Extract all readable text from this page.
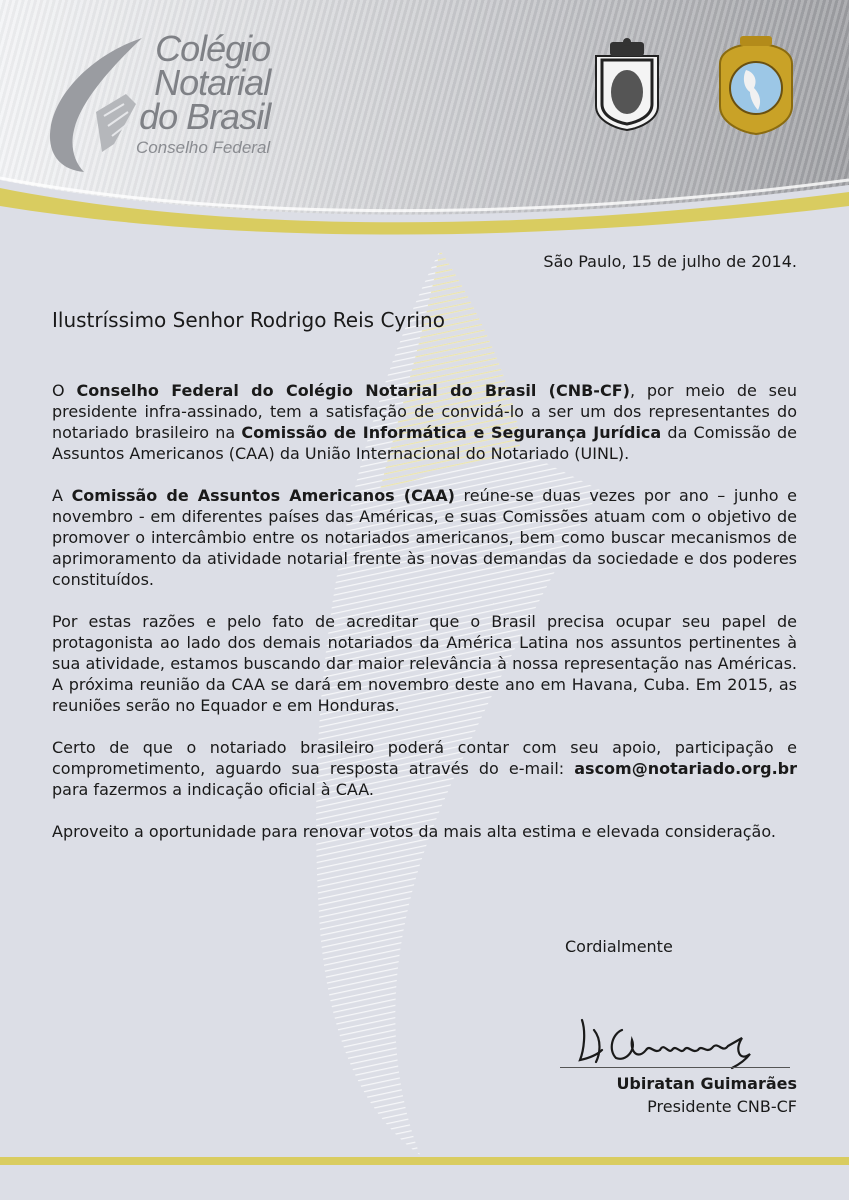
Colégio
Notarial
do Brasil
Conselho Federal
São Paulo, 15 de julho de 2014.
Ilustríssimo Senhor Rodrigo Reis Cyrino

O Conselho Federal do Colégio Notarial do Brasil (CNB-CF), por meio de seu presidente infra-assinado, tem a satisfação de convidá-lo a ser um dos representantes do notariado brasileiro na Comissão de Informática e Segurança Jurídica da Comissão de Assuntos Americanos (CAA) da União Internacional do Notariado (UINL).

A Comissão de Assuntos Americanos (CAA) reúne-se duas vezes por ano – junho e novembro - em diferentes países das Américas, e suas Comissões atuam com o objetivo de promover o intercâmbio entre os notariados americanos, bem como buscar mecanismos de aprimoramento da atividade notarial frente às novas demandas da sociedade e dos poderes constituídos.

Por estas razões e pelo fato de acreditar que o Brasil precisa ocupar seu papel de protagonista ao lado dos demais notariados da América Latina nos assuntos pertinentes à sua atividade, estamos buscando dar maior relevância à nossa representação nas Américas. A próxima reunião da CAA se dará em novembro deste ano em Havana, Cuba. Em 2015, as reuniões serão no Equador e em Honduras.

Certo de que o notariado brasileiro poderá contar com seu apoio, participação e comprometimento, aguardo sua resposta através do e-mail: ascom@notariado.org.br para fazermos a indicação oficial à CAA.

Aproveito a oportunidade para renovar votos da mais alta estima e elevada consideração.

Cordialmente
Ubiratan Guimarães
Presidente CNB-CF
